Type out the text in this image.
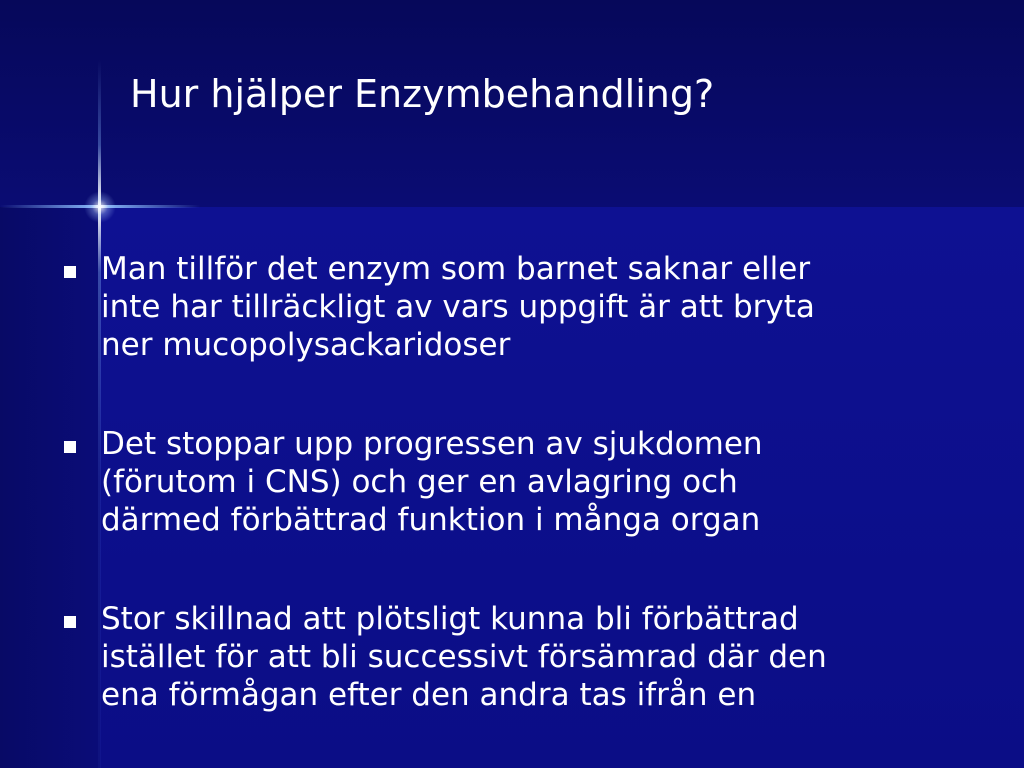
Hur hjälper Enzymbehandling?
Man tillför det enzym som barnet saknar eller
inte har tillräckligt av vars uppgift är att bryta
ner mucopolysackaridoser
Det stoppar upp progressen av sjukdomen
(förutom i CNS) och ger en avlagring och
därmed förbättrad funktion i många organ
Stor skillnad att plötsligt kunna bli förbättrad
istället för att bli successivt försämrad där den
ena förmågan efter den andra tas ifrån en
